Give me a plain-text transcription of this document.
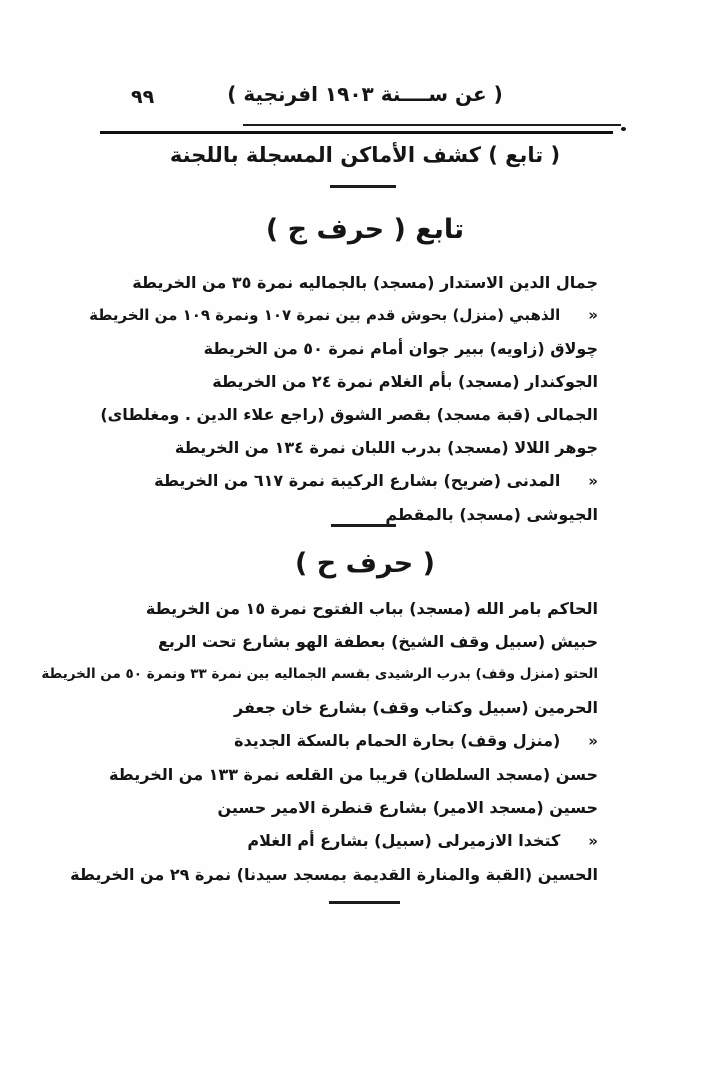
٩٩	( عن ســــنة ١٩٠٣ افرنجية )
( تابع ) كشف الأماكن المسجلة باللجنة
تابع ( حرف ج )
جمال الدين الاستدار (مسجد) بالجماليه نمرة ٣٥ من الخريطة
«الذهبي (منزل) بحوش قدم بين نمرة ١٠٧ ونمرة ١٠٩ من الخريطة
چولاق (زاويه) ببير جوان أمام نمرة ٥٠ من الخريطة
الجوكندار (مسجد) بأم الغلام نمرة ٢٤ من الخريطة
الجمالى (قبة مسجد) بقصر الشوق (راجع علاء الدين . ومغلطاى)
جوهر اللالا (مسجد) بدرب اللبان نمرة ١٣٤ من الخريطة
«المدنى (ضريح) بشارع الركيبة نمرة ٦١٧ من الخريطة
الجيوشى (مسجد) بالمقطم
( حرف ح )
الحاكم بامر الله (مسجد) بباب الفتوح نمرة ١٥ من الخريطة
حبيش (سبيل وقف الشيخ) بعطفة الهو بشارع تحت الربع
الحتو (منزل وقف) بدرب الرشيدى بقسم الجماليه بين نمرة ٣٣ ونمرة ٥٠ من الخريطة
الحرمين (سبيل وكتاب وقف) بشارع خان جعفر
«(منزل وقف) بحارة الحمام بالسكة الجديدة
حسن (مسجد السلطان) قريبا من القلعه نمرة ١٣٣ من الخريطة
حسين (مسجد الامير) بشارع قنطرة الامير حسين
«كتخدا الازميرلى (سبيل) بشارع أم الغلام
الحسين (القبة والمنارة القديمة بمسجد سيدنا) نمرة ٢٩ من الخريطة
